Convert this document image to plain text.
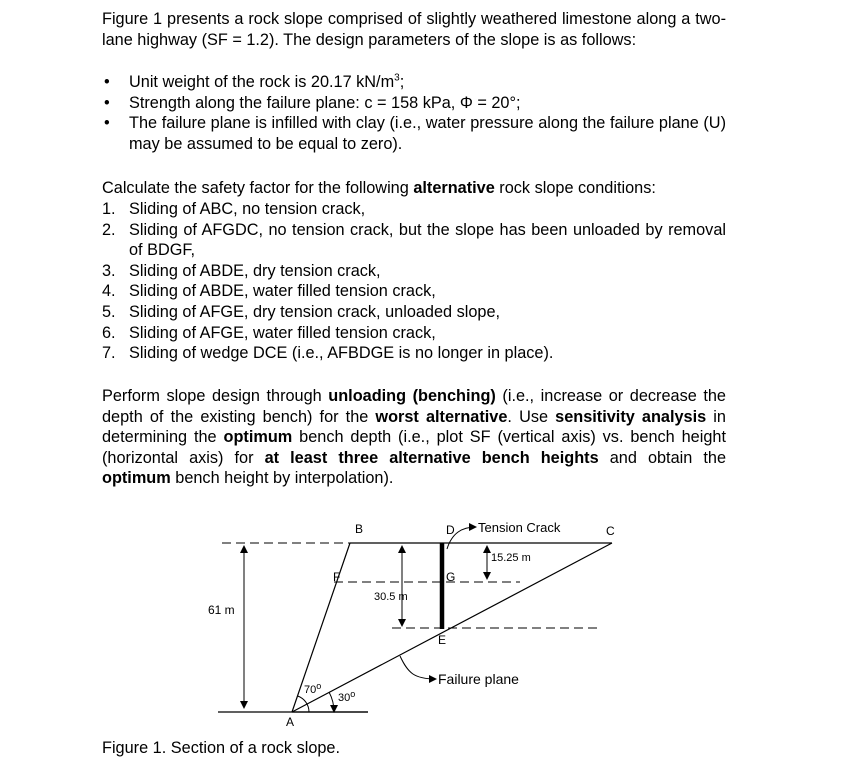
Figure 1 presents a rock slope comprised of slightly weathered limestone along a two-lane highway (SF = 1.2). The design parameters of the slope is as follows:

• Unit weight of the rock is 20.17 $kN/m^3$;
• Strength along the failure plane: c = 158 kPa, Φ = 20°;
• The failure plane is infilled with clay (i.e., water pressure along the failure plane (U) may be assumed to be equal to zero).

Calculate the safety factor for the following alternative rock slope conditions:

1. Sliding of ABC, no tension crack,
2. Sliding of AFGDC, no tension crack, but the slope has been unloaded by removal of BDGF,
3. Sliding of ABDE, dry tension crack,
4. Sliding of ABDE, water filled tension crack,
5. Sliding of AFGE, dry tension crack, unloaded slope,
6. Sliding of AFGE, water filled tension crack,
7. Sliding of wedge DCE (i.e., AFBDGE is no longer in place).

Perform slope design through unloading (benching) (i.e., increase or decrease the depth of the existing bench) for the worst alternative. Use sensitivity analysis in determining the optimum bench depth (i.e., plot SF (vertical axis) vs. bench height (horizontal axis) for at least three alternative bench heights and obtain the optimum bench height by interpolation).

61 m
30.5 m
15.25 m
Tension Crack
Failure plane
70$^o$
30$^o$
B	D	C
F	G
E
A
Figure 1. Section of a rock slope.
